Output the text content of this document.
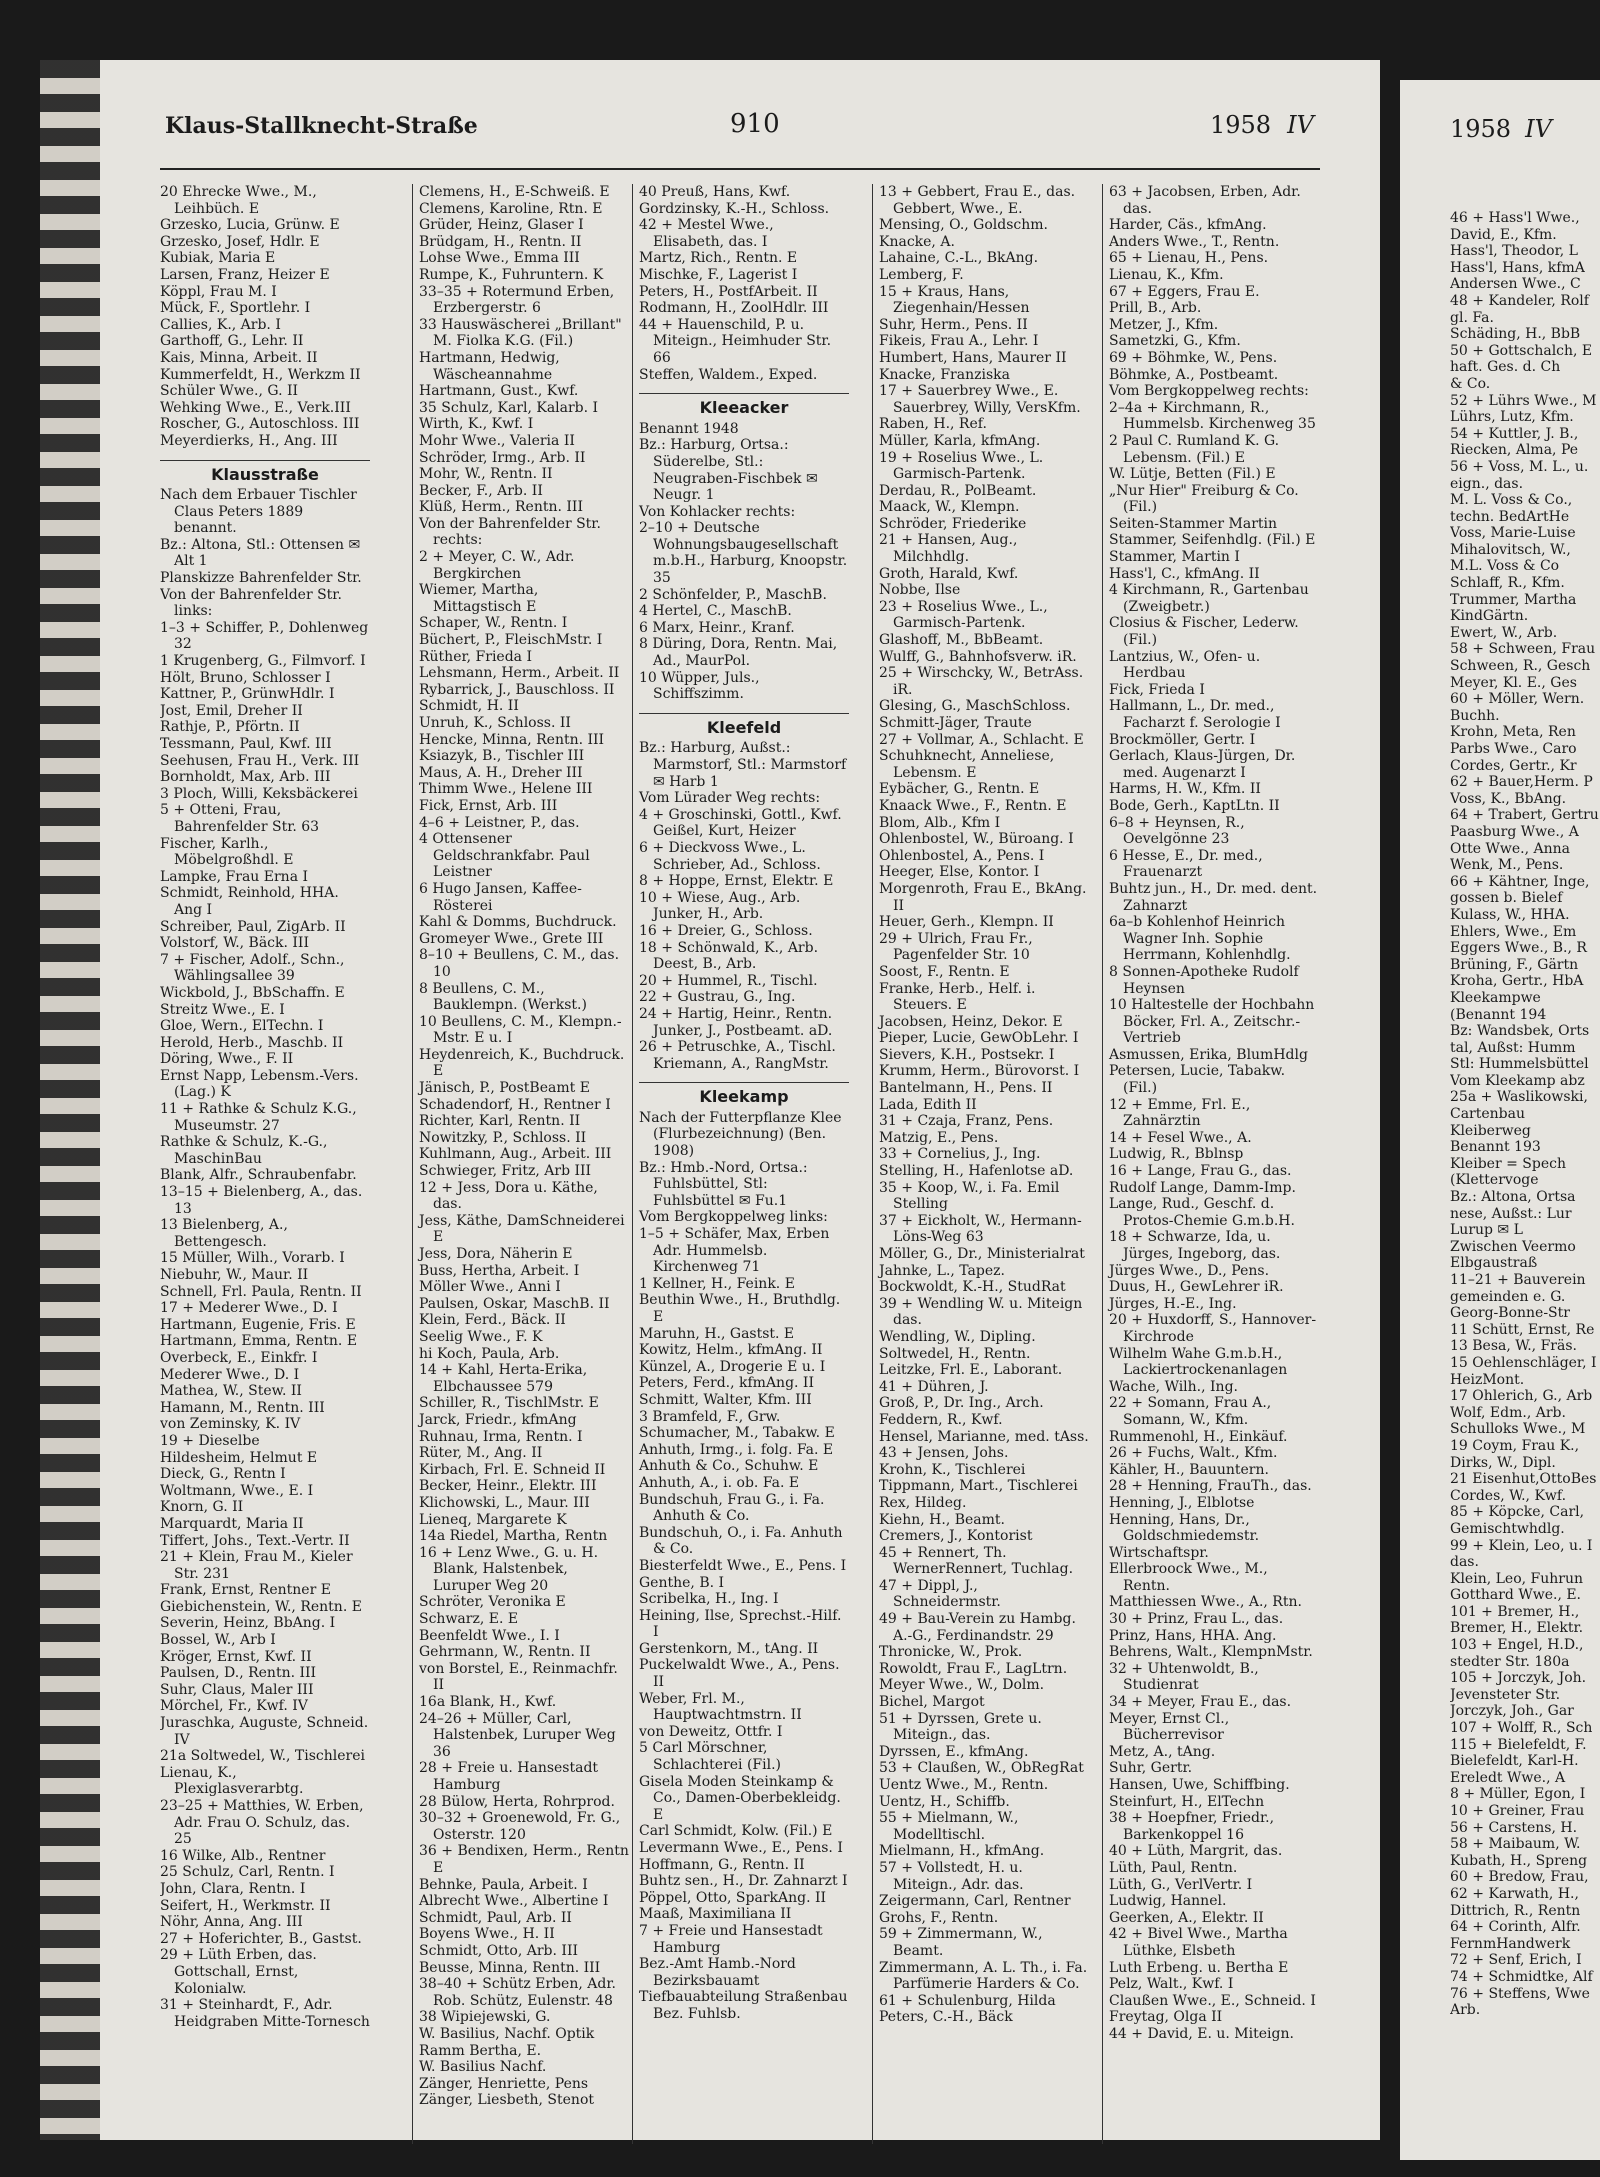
Klaus-Stallknecht-Straße	910	1958 IV
20 Ehrecke Wwe., M., Leihbüch. E
Grzesko, Lucia, Grünw. E
Grzesko, Josef, Hdlr. E
Kubiak, Maria E
Larsen, Franz, Heizer E
Köppl, Frau M. I
Mück, F., Sportlehr. I
Callies, K., Arb. I
Garthoff, G., Lehr. II
Kais, Minna, Arbeit. II
Kummerfeldt, H., Werkzm II
Schüler Wwe., G. II
Wehking Wwe., E., Verk.III
Roscher, G., Autoschloss. III
Meyerdierks, H., Ang. III
Klausstraße
Nach dem Erbauer Tischler Claus Peters 1889 benannt.
Bz.: Altona, Stl.: Ottensen ✉ Alt 1
Planskizze Bahrenfelder Str.
Von der Bahrenfelder Str. links:
1–3 + Schiffer, P., Dohlenweg 32
1 Krugenberg, G., Filmvorf. I
Hölt, Bruno, Schlosser I
Kattner, P., GrünwHdlr. I
Jost, Emil, Dreher II
Rathje, P., Pförtn. II
Tessmann, Paul, Kwf. III
Seehusen, Frau H., Verk. III
Bornholdt, Max, Arb. III
3 Ploch, Willi, Keksbäckerei
5 + Otteni, Frau, Bahrenfelder Str. 63
Fischer, Karlh., Möbelgroßhdl. E
Lampke, Frau Erna I
Schmidt, Reinhold, HHA. Ang I
Schreiber, Paul, ZigArb. II
Volstorf, W., Bäck. III
7 + Fischer, Adolf., Schn., Wählingsallee 39
Wickbold, J., BbSchaffn. E
Streitz Wwe., E. I
Gloe, Wern., ElTechn. I
Herold, Herb., Maschb. II
Döring, Wwe., F. II
Ernst Napp, Lebensm.-Vers. (Lag.) K
11 + Rathke & Schulz K.G., Museumstr. 27
Rathke & Schulz, K.-G., MaschinBau
Blank, Alfr., Schraubenfabr.
13–15 + Bielenberg, A., das. 13
13 Bielenberg, A., Bettengesch.
15 Müller, Wilh., Vorarb. I
Niebuhr, W., Maur. II
Schnell, Frl. Paula, Rentn. II
17 + Mederer Wwe., D. I
Hartmann, Eugenie, Fris. E
Hartmann, Emma, Rentn. E
Overbeck, E., Einkfr. I
Mederer Wwe., D. I
Mathea, W., Stew. II
Hamann, M., Rentn. III
von Zeminsky, K. IV
19 + Dieselbe
Hildesheim, Helmut E
Dieck, G., Rentn I
Woltmann, Wwe., E. I
Knorn, G. II
Marquardt, Maria II
Tiffert, Johs., Text.-Vertr. II
21 + Klein, Frau M., Kieler Str. 231
Frank, Ernst, Rentner E
Giebichenstein, W., Rentn. E
Severin, Heinz, BbAng. I
Bossel, W., Arb I
Kröger, Ernst, Kwf. II
Paulsen, D., Rentn. III
Suhr, Claus, Maler III
Mörchel, Fr., Kwf. IV
Juraschka, Auguste, Schneid. IV
21a Soltwedel, W., Tischlerei
Lienau, K., Plexiglasverarbtg.
23–25 + Matthies, W. Erben, Adr. Frau O. Schulz, das. 25
16 Wilke, Alb., Rentner
25 Schulz, Carl, Rentn. I
John, Clara, Rentn. I
Seifert, H., Werkmstr. II
Nöhr, Anna, Ang. III
27 + Hoferichter, B., Gastst.
29 + Lüth Erben, das. Gottschall, Ernst, Kolonialw.
31 + Steinhardt, F., Adr. Heidgraben Mitte-Tornesch
Clemens, H., E-Schweiß. E
Clemens, Karoline, Rtn. E
Grüder, Heinz, Glaser I
Brüdgam, H., Rentn. II
Lohse Wwe., Emma III
Rumpe, K., Fuhruntern. K
33–35 + Rotermund Erben, Erzbergerstr. 6
33 Hauswäscherei „Brillant" M. Fiolka K.G. (Fil.)
Hartmann, Hedwig, Wäscheannahme
Hartmann, Gust., Kwf.
35 Schulz, Karl, Kalarb. I
Wirth, K., Kwf. I
Mohr Wwe., Valeria II
Schröder, Irmg., Arb. II
Mohr, W., Rentn. II
Becker, F., Arb. II
Klüß, Herm., Rentn. III
Von der Bahrenfelder Str. rechts:
2 + Meyer, C. W., Adr. Bergkirchen
Wiemer, Martha, Mittagstisch E
Schaper, W., Rentn. I
Büchert, P., FleischMstr. I
Rüther, Frieda I
Lehsmann, Herm., Arbeit. II
Rybarrick, J., Bauschloss. II
Schmidt, H. II
Unruh, K., Schloss. II
Hencke, Minna, Rentn. III
Ksiazyk, B., Tischler III
Maus, A. H., Dreher III
Thimm Wwe., Helene III
Fick, Ernst, Arb. III
4–6 + Leistner, P., das.
4 Ottensener Geldschrankfabr. Paul Leistner
6 Hugo Jansen, Kaffee-Rösterei
Kahl & Domms, Buchdruck.
Gromeyer Wwe., Grete III
8–10 + Beullens, C. M., das. 10
8 Beullens, C. M., Bauklempn. (Werkst.)
10 Beullens, C. M., Klempn.-Mstr. E u. I
Heydenreich, K., Buchdruck. E
Jänisch, P., PostBeamt E
Schadendorf, H., Rentner I
Richter, Karl, Rentn. II
Nowitzky, P., Schloss. II
Kuhlmann, Aug., Arbeit. III
Schwieger, Fritz, Arb III
12 + Jess, Dora u. Käthe, das.
Jess, Käthe, DamSchneiderei E
Jess, Dora, Näherin E
Buss, Hertha, Arbeit. I
Möller Wwe., Anni I
Paulsen, Oskar, MaschB. II
Klein, Ferd., Bäck. II
Seelig Wwe., F. K
hi Koch, Paula, Arb.
14 + Kahl, Herta-Erika, Elbchaussee 579
Schiller, R., TischlMstr. E
Jarck, Friedr., kfmAng
Ruhnau, Irma, Rentn. I
Rüter, M., Ang. II
Kirbach, Frl. E. Schneid II
Becker, Heinr., Elektr. III
Klichowski, L., Maur. III
Lieneq, Margarete K
14a Riedel, Martha, Rentn
16 + Lenz Wwe., G. u. H. Blank, Halstenbek, Luruper Weg 20
Schröter, Veronika E
Schwarz, E. E
Beenfeldt Wwe., I. I
Gehrmann, W., Rentn. II
von Borstel, E., Reinmachfr. II
16a Blank, H., Kwf.
24–26 + Müller, Carl, Halstenbek, Luruper Weg 36
28 + Freie u. Hansestadt Hamburg
28 Bülow, Herta, Rohrprod.
30–32 + Groenewold, Fr. G., Osterstr. 120
36 + Bendixen, Herm., Rentn E
Behnke, Paula, Arbeit. I
Albrecht Wwe., Albertine I
Schmidt, Paul, Arb. II
Boyens Wwe., H. II
Schmidt, Otto, Arb. III
Beusse, Minna, Rentn. III
38–40 + Schütz Erben, Adr. Rob. Schütz, Eulenstr. 48
38 Wipiejewski, G.
W. Basilius, Nachf. Optik
Ramm Bertha, E.
W. Basilius Nachf.
Zänger, Henriette, Pens
Zänger, Liesbeth, Stenot
40 Preuß, Hans, Kwf.
Gordzinsky, K.-H., Schloss.
42 + Mestel Wwe., Elisabeth, das. I
Martz, Rich., Rentn. E
Mischke, F., Lagerist I
Peters, H., PostfArbeit. II
Rodmann, H., ZoolHdlr. III
44 + Hauenschild, P. u. Miteign., Heimhuder Str. 66
Steffen, Waldem., Exped.
Kleeacker
Benannt 1948
Bz.: Harburg, Ortsa.: Süderelbe, Stl.: Neugraben-Fischbek ✉ Neugr. 1
Von Kohlacker rechts:
2–10 + Deutsche Wohnungsbaugesellschaft m.b.H., Harburg, Knoopstr. 35
2 Schönfelder, P., MaschB.
4 Hertel, C., MaschB.
6 Marx, Heinr., Kranf.
8 Düring, Dora, Rentn. Mai, Ad., MaurPol.
10 Wüpper, Juls., Schiffszimm.
Kleefeld
Bz.: Harburg, Außst.: Marmstorf, Stl.: Marmstorf ✉ Harb 1
Vom Lürader Weg rechts:
4 + Groschinski, Gottl., Kwf. Geißel, Kurt, Heizer
6 + Dieckvoss Wwe., L. Schrieber, Ad., Schloss.
8 + Hoppe, Ernst, Elektr. E
10 + Wiese, Aug., Arb. Junker, H., Arb.
16 + Dreier, G., Schloss.
18 + Schönwald, K., Arb. Deest, B., Arb.
20 + Hummel, R., Tischl.
22 + Gustrau, G., Ing.
24 + Hartig, Heinr., Rentn. Junker, J., Postbeamt. aD.
26 + Petruschke, A., Tischl. Kriemann, A., RangMstr.
Kleekamp
Nach der Futterpflanze Klee (Flurbezeichnung) (Ben. 1908)
Bz.: Hmb.-Nord, Ortsa.: Fuhlsbüttel, Stl: Fuhlsbüttel ✉ Fu.1
Vom Bergkoppelweg links:
1–5 + Schäfer, Max, Erben Adr. Hummelsb. Kirchenweg 71
1 Kellner, H., Feink. E
Beuthin Wwe., H., Bruthdlg. E
Maruhn, H., Gastst. E
Kowitz, Helm., kfmAng. II
Künzel, A., Drogerie E u. I
Peters, Ferd., kfmAng. II
Schmitt, Walter, Kfm. III
3 Bramfeld, F., Grw.
Schumacher, M., Tabakw. E
Anhuth, Irmg., i. folg. Fa. E
Anhuth & Co., Schuhw. E
Anhuth, A., i. ob. Fa. E
Bundschuh, Frau G., i. Fa. Anhuth & Co.
Bundschuh, O., i. Fa. Anhuth & Co.
Biesterfeldt Wwe., E., Pens. I
Genthe, B. I
Scribelka, H., Ing. I
Heining, Ilse, Sprechst.-Hilf. I
Gerstenkorn, M., tAng. II
Puckelwaldt Wwe., A., Pens. II
Weber, Frl. M., Hauptwachtmstrn. II
von Deweitz, Ottfr. I
5 Carl Mörschner, Schlachterei (Fil.)
Gisela Moden Steinkamp & Co., Damen-Oberbekleidg. E
Carl Schmidt, Kolw. (Fil.) E
Levermann Wwe., E., Pens. I
Hoffmann, G., Rentn. II
Buhtz sen., H., Dr. Zahnarzt I
Pöppel, Otto, SparkAng. II
Maaß, Maximiliana II
7 + Freie und Hansestadt Hamburg
Bez.-Amt Hamb.-Nord Bezirksbauamt
Tiefbauabteilung Straßenbau Bez. Fuhlsb.
13 + Gebbert, Frau E., das. Gebbert, Wwe., E.
Mensing, O., Goldschm.
Knacke, A.
Lahaine, C.-L., BkAng.
Lemberg, F.
15 + Kraus, Hans, Ziegenhain/Hessen
Suhr, Herm., Pens. II
Fikeis, Frau A., Lehr. I
Humbert, Hans, Maurer II
Knacke, Franziska
17 + Sauerbrey Wwe., E. Sauerbrey, Willy, VersKfm.
Raben, H., Ref.
Müller, Karla, kfmAng.
19 + Roselius Wwe., L. Garmisch-Partenk.
Derdau, R., PolBeamt.
Maack, W., Klempn.
Schröder, Friederike
21 + Hansen, Aug., Milchhdlg.
Groth, Harald, Kwf.
Nobbe, Ilse
23 + Roselius Wwe., L., Garmisch-Partenk.
Glashoff, M., BbBeamt.
Wulff, G., Bahnhofsverw. iR.
25 + Wirschcky, W., BetrAss. iR.
Glesing, G., MaschSchloss.
Schmitt-Jäger, Traute
27 + Vollmar, A., Schlacht. E
Schuhknecht, Anneliese, Lebensm. E
Eybächer, G., Rentn. E
Knaack Wwe., F., Rentn. E
Blom, Alb., Kfm I
Ohlenbostel, W., Büroang. I
Ohlenbostel, A., Pens. I
Heeger, Else, Kontor. I
Morgenroth, Frau E., BkAng. II
Heuer, Gerh., Klempn. II
29 + Ulrich, Frau Fr., Pagenfelder Str. 10
Soost, F., Rentn. E
Franke, Herb., Helf. i. Steuers. E
Jacobsen, Heinz, Dekor. E
Pieper, Lucie, GewObLehr. I
Sievers, K.H., Postsekr. I
Krumm, Herm., Bürovorst. I
Bantelmann, H., Pens. II
Lada, Edith II
31 + Czaja, Franz, Pens.
Matzig, E., Pens.
33 + Cornelius, J., Ing.
Stelling, H., Hafenlotse aD.
35 + Koop, W., i. Fa. Emil Stelling
37 + Eickholt, W., Hermann-Löns-Weg 63
Möller, G., Dr., Ministerialrat
Jahnke, L., Tapez.
Bockwoldt, K.-H., StudRat
39 + Wendling W. u. Miteign das.
Wendling, W., Dipling.
Soltwedel, H., Rentn.
Leitzke, Frl. E., Laborant.
41 + Dühren, J.
Groß, P., Dr. Ing., Arch.
Feddern, R., Kwf.
Hensel, Marianne, med. tAss.
43 + Jensen, Johs.
Krohn, K., Tischlerei
Tippmann, Mart., Tischlerei
Rex, Hildeg.
Kiehn, H., Beamt.
Cremers, J., Kontorist
45 + Rennert, Th. WernerRennert, Tuchlag.
47 + Dippl, J., Schneidermstr.
49 + Bau-Verein zu Hambg. A.-G., Ferdinandstr. 29
Thronicke, W., Prok.
Rowoldt, Frau F., LagLtrn.
Meyer Wwe., W., Dolm.
Bichel, Margot
51 + Dyrssen, Grete u. Miteign., das.
Dyrssen, E., kfmAng.
53 + Claußen, W., ObRegRat
Uentz Wwe., M., Rentn.
Uentz, H., Schiffb.
55 + Mielmann, W., Modelltischl.
Mielmann, H., kfmAng.
57 + Vollstedt, H. u. Miteign., Adr. das.
Zeigermann, Carl, Rentner
Grohs, F., Rentn.
59 + Zimmermann, W., Beamt.
Zimmermann, A. L. Th., i. Fa. Parfümerie Harders & Co.
61 + Schulenburg, Hilda
Peters, C.-H., Bäck
63 + Jacobsen, Erben, Adr. das.
Harder, Cäs., kfmAng.
Anders Wwe., T., Rentn.
65 + Lienau, H., Pens.
Lienau, K., Kfm.
67 + Eggers, Frau E.
Prill, B., Arb.
Metzer, J., Kfm.
Sametzki, G., Kfm.
69 + Böhmke, W., Pens.
Böhmke, A., Postbeamt.
Vom Bergkoppelweg rechts:
2–4a + Kirchmann, R., Hummelsb. Kirchenweg 35
2 Paul C. Rumland K. G. Lebensm. (Fil.) E
W. Lütje, Betten (Fil.) E
„Nur Hier" Freiburg & Co. (Fil.)
Seiten-Stammer Martin
Stammer, Seifenhdlg. (Fil.) E
Stammer, Martin I
Hass'l, C., kfmAng. II
4 Kirchmann, R., Gartenbau (Zweigbetr.)
Closius & Fischer, Lederw. (Fil.)
Lantzius, W., Ofen- u. Herdbau
Fick, Frieda I
Hallmann, L., Dr. med., Facharzt f. Serologie I
Brockmöller, Gertr. I
Gerlach, Klaus-Jürgen, Dr. med. Augenarzt I
Harms, H. W., Kfm. II
Bode, Gerh., KaptLtn. II
6–8 + Heynsen, R., Oevelgönne 23
6 Hesse, E., Dr. med., Frauenarzt
Buhtz jun., H., Dr. med. dent. Zahnarzt
6a–b Kohlenhof Heinrich Wagner Inh. Sophie Herrmann, Kohlenhdlg.
8 Sonnen-Apotheke Rudolf Heynsen
10 Haltestelle der Hochbahn Böcker, Frl. A., Zeitschr.-Vertrieb
Asmussen, Erika, BlumHdlg
Petersen, Lucie, Tabakw. (Fil.)
12 + Emme, Frl. E., Zahnärztin
14 + Fesel Wwe., A.
Ludwig, R., Bblnsp
16 + Lange, Frau G., das.
Rudolf Lange, Damm-Imp.
Lange, Rud., Geschf. d. Protos-Chemie G.m.b.H.
18 + Schwarze, Ida, u. Jürges, Ingeborg, das.
Jürges Wwe., D., Pens.
Duus, H., GewLehrer iR.
Jürges, H.-E., Ing.
20 + Huxdorff, S., Hannover-Kirchrode
Wilhelm Wahe G.m.b.H., Lackiertrockenanlagen
Wache, Wilh., Ing.
22 + Somann, Frau A., Somann, W., Kfm.
Rummenohl, H., Einkäuf.
26 + Fuchs, Walt., Kfm.
Kähler, H., Bauuntern.
28 + Henning, FrauTh., das.
Henning, J., Elblotse
Henning, Hans, Dr., Goldschmiedemstr.
Wirtschaftspr.
Ellerbroock Wwe., M., Rentn.
Matthiessen Wwe., A., Rtn.
30 + Prinz, Frau L., das.
Prinz, Hans, HHA. Ang.
Behrens, Walt., KlempnMstr.
32 + Uhtenwoldt, B., Studienrat
34 + Meyer, Frau E., das.
Meyer, Ernst Cl., Bücherrevisor
Metz, A., tAng.
Suhr, Gertr.
Hansen, Uwe, Schiffbing.
Steinfurt, H., ElTechn
38 + Hoepfner, Friedr., Barkenkoppel 16
40 + Lüth, Margrit, das.
Lüth, Paul, Rentn.
Lüth, G., VerlVertr. I
Ludwig, Hannel.
Geerken, A., Elektr. II
42 + Bivel Wwe., Martha Lüthke, Elsbeth
Luth Erbeng. u. Bertha E
Pelz, Walt., Kwf. I
Claußen Wwe., E., Schneid. I
Freytag, Olga II
44 + David, E. u. Miteign.
1958 IV
46 + Hass'l Wwe.,
David, E., Kfm.
Hass'l, Theodor, L
Hass'l, Hans, kfmA
Andersen Wwe., C
48 + Kandeler, Rolf
gl. Fa.
Schäding, H., BbB
50 + Gottschalch, E
haft. Ges. d. Ch
& Co.
52 + Lührs Wwe., M
Lührs, Lutz, Kfm.
54 + Kuttler, J. B.,
Riecken, Alma, Pe
56 + Voss, M. L., u.
eign., das.
M. L. Voss & Co.,
techn. BedArtHe
Voss, Marie-Luise
Mihalovitsch, W.,
M.L. Voss & Co
Schlaff, R., Kfm.
Trummer, Martha
KindGärtn.
Ewert, W., Arb.
58 + Schween, Frau
Schween, R., Gesch
Meyer, Kl. E., Ges
60 + Möller, Wern.
Buchh.
Krohn, Meta, Ren
Parbs Wwe., Caro
Cordes, Gertr., Kr
62 + Bauer,Herm. P
Voss, K., BbAng.
64 + Trabert, Gertru
Paasburg Wwe., A
Otte Wwe., Anna
Wenk, M., Pens.
66 + Kähtner, Inge,
gossen b. Bielef
Kulass, W., HHA.
Ehlers, Wwe., Em
Eggers Wwe., B., R
Brüning, F., Gärtn
Kroha, Gertr., HbA
Kleekampwe
(Benannt 194
Bz: Wandsbek, Orts
tal, Außst: Humm
Stl: Hummelsbüttel
Vom Kleekamp abz
25a + Waslikowski,
Cartenbau
Kleiberweg
Benannt 193
Kleiber = Spech
(Klettervoge
Bz.: Altona, Ortsa
nese, Außst.: Lur
Lurup ✉ L
Zwischen Veermo
Elbgaustraß
11–21 + Bauverein
gemeinden e. G.
Georg-Bonne-Str
11 Schütt, Ernst, Re
13 Besa, W., Fräs.
15 Oehlenschläger, I
HeizMont.
17 Ohlerich, G., Arb
Wolf, Edm., Arb.
Schulloks Wwe., M
19 Coym, Frau K.,
Dirks, W., Dipl.
21 Eisenhut,OttoBes
Cordes, W., Kwf.
85 + Köpcke, Carl,
Gemischtwhdlg.
99 + Klein, Leo, u. I
das.
Klein, Leo, Fuhrun
Gotthard Wwe., E.
101 + Bremer, H.,
Bremer, H., Elektr.
103 + Engel, H.D.,
stedter Str. 180a
105 + Jorczyk, Joh.
Jevensteter Str.
Jorczyk, Joh., Gar
107 + Wolff, R., Sch
115 + Bielefeldt, F.
Bielefeldt, Karl-H.
Ereledt Wwe., A
8 + Müller, Egon, I
10 + Greiner, Frau
56 + Carstens, H.
58 + Maibaum, W.
Kubath, H., Spreng
60 + Bredow, Frau,
62 + Karwath, H.,
Dittrich, R., Rentn
64 + Corinth, Alfr.
FernmHandwerk
72 + Senf, Erich, I
74 + Schmidtke, Alf
76 + Steffens, Wwe
Arb.
